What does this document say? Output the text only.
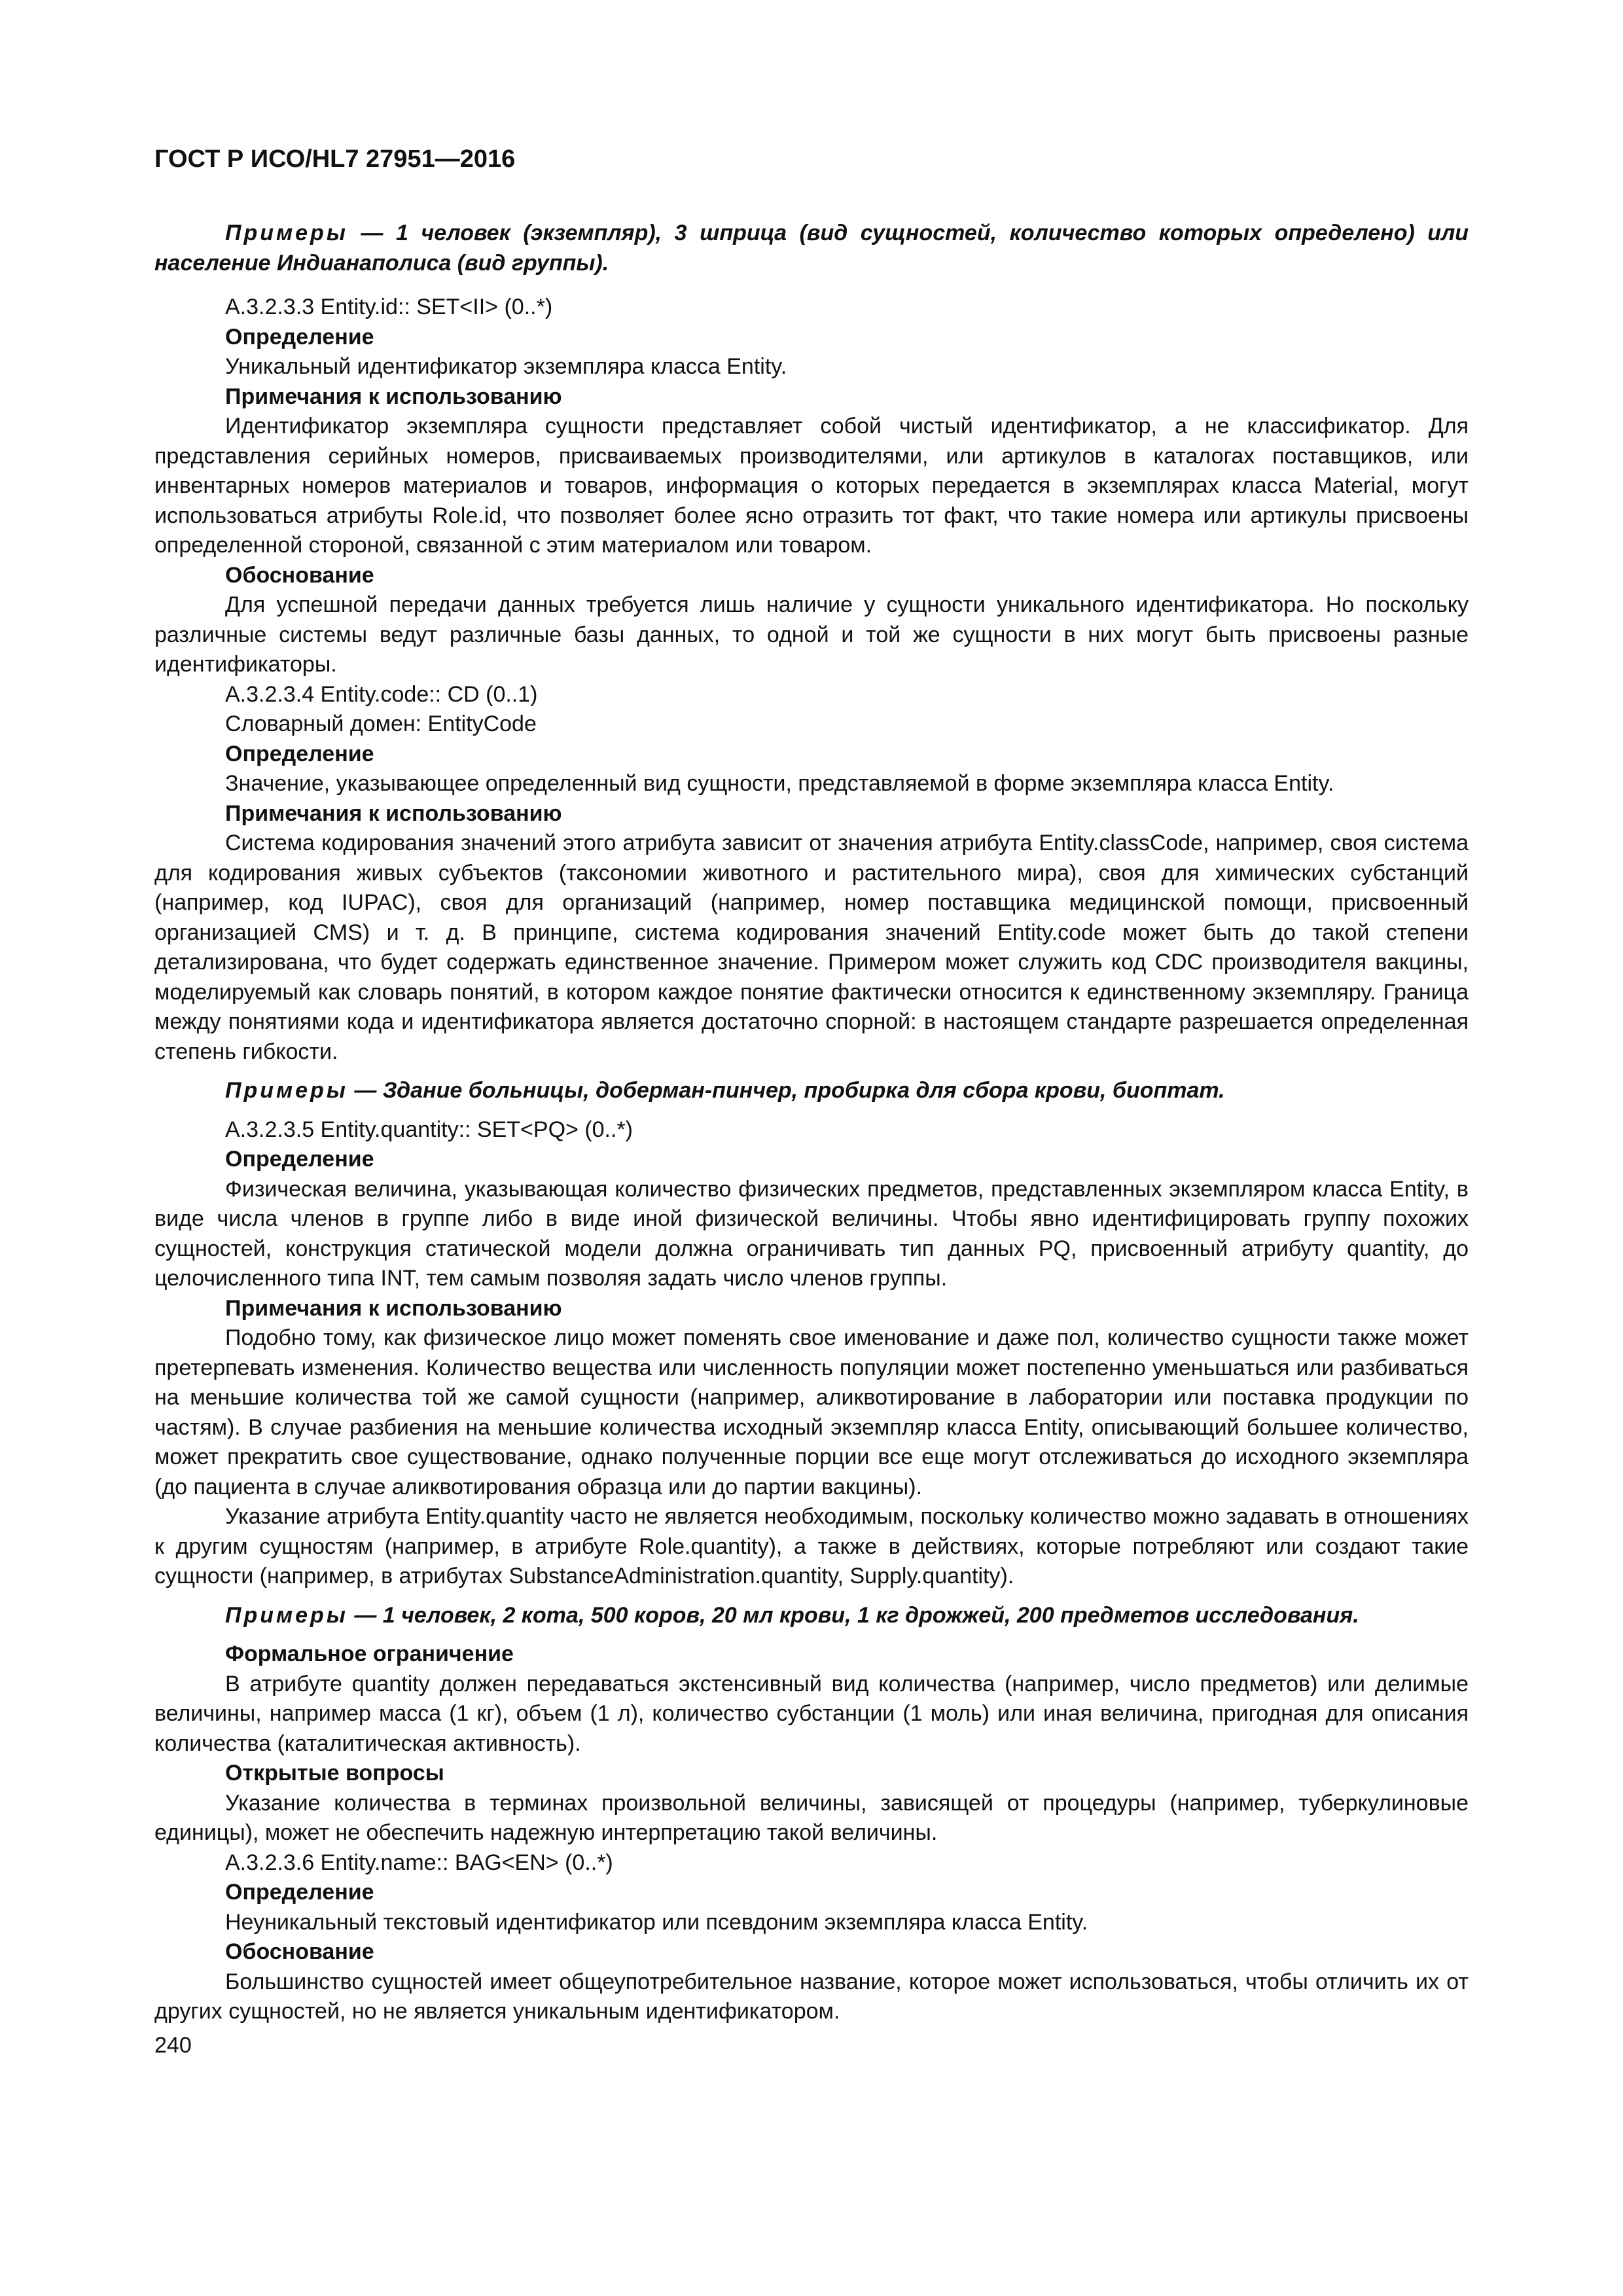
ГОСТ Р ИСО/HL7 27951—2016

Примеры — 1 человек (экземпляр), 3 шприца (вид сущностей, количество которых определено) или население Индианаполиса (вид группы).

A.3.2.3.3 Entity.id:: SET<II> (0..*)

Определение

Уникальный идентификатор экземпляра класса Entity.

Примечания к использованию

Идентификатор экземпляра сущности представляет собой чистый идентификатор, а не классификатор. Для представления серийных номеров, присваиваемых производителями, или артикулов в каталогах поставщиков, или инвентарных номеров материалов и товаров, информация о которых передается в экземплярах класса Material, могут использоваться атрибуты Role.id, что позволяет более ясно отразить тот факт, что такие номера или артикулы присвоены определенной стороной, связанной с этим материалом или товаром.

Обоснование

Для успешной передачи данных требуется лишь наличие у сущности уникального идентификатора. Но поскольку различные системы ведут различные базы данных, то одной и той же сущности в них могут быть присвоены разные идентификаторы.

A.3.2.3.4 Entity.code:: CD (0..1)

Словарный домен: EntityCode

Определение

Значение, указывающее определенный вид сущности, представляемой в форме экземпляра класса Entity.

Примечания к использованию

Система кодирования значений этого атрибута зависит от значения атрибута Entity.classCode, например, своя система для кодирования живых субъектов (таксономии животного и растительного мира), своя для химических субстанций (например, код IUPAC), своя для организаций (например, номер поставщика медицинской помощи, присвоенный организацией CMS) и т. д. В принципе, система кодирования значений Entity.code может быть до такой степени детализирована, что будет содержать единственное значение. Примером может служить код CDC производителя вакцины, моделируемый как словарь понятий, в котором каждое понятие фактически относится к единственному экземпляру. Граница между понятиями кода и идентификатора является достаточно спорной: в настоящем стандарте разрешается определенная степень гибкости.

Примеры — Здание больницы, доберман-пинчер, пробирка для сбора крови, биоптат.

A.3.2.3.5 Entity.quantity:: SET<PQ> (0..*)

Определение

Физическая величина, указывающая количество физических предметов, представленных экземпляром класса Entity, в виде числа членов в группе либо в виде иной физической величины. Чтобы явно идентифицировать группу похожих сущностей, конструкция статической модели должна ограничивать тип данных PQ, присвоенный атрибуту quantity, до целочисленного типа INT, тем самым позволяя задать число членов группы.

Примечания к использованию

Подобно тому, как физическое лицо может поменять свое именование и даже пол, количество сущности также может претерпевать изменения. Количество вещества или численность популяции может постепенно уменьшаться или разбиваться на меньшие количества той же самой сущности (например, аликвотирование в лаборатории или поставка продукции по частям). В случае разбиения на меньшие количества исходный экземпляр класса Entity, описывающий большее количество, может прекратить свое существование, однако полученные порции все еще могут отслеживаться до исходного экземпляра (до пациента в случае аликвотирования образца или до партии вакцины).

Указание атрибута Entity.quantity часто не является необходимым, поскольку количество можно задавать в отношениях к другим сущностям (например, в атрибуте Role.quantity), а также в действиях, которые потребляют или создают такие сущности (например, в атрибутах SubstanceAdministration.quantity, Supply.quantity).

Примеры — 1 человек, 2 кота, 500 коров, 20 мл крови, 1 кг дрожжей, 200 предметов исследования.

Формальное ограничение

В атрибуте quantity должен передаваться экстенсивный вид количества (например, число предметов) или делимые величины, например масса (1 кг), объем (1 л), количество субстанции (1 моль) или иная величина, пригодная для описания количества (каталитическая активность).

Открытые вопросы

Указание количества в терминах произвольной величины, зависящей от процедуры (например, туберкулиновые единицы), может не обеспечить надежную интерпретацию такой величины.

A.3.2.3.6 Entity.name:: BAG<EN> (0..*)

Определение

Неуникальный текстовый идентификатор или псевдоним экземпляра класса Entity.

Обоснование

Большинство сущностей имеет общеупотребительное название, которое может использоваться, чтобы отличить их от других сущностей, но не является уникальным идентификатором.

240
